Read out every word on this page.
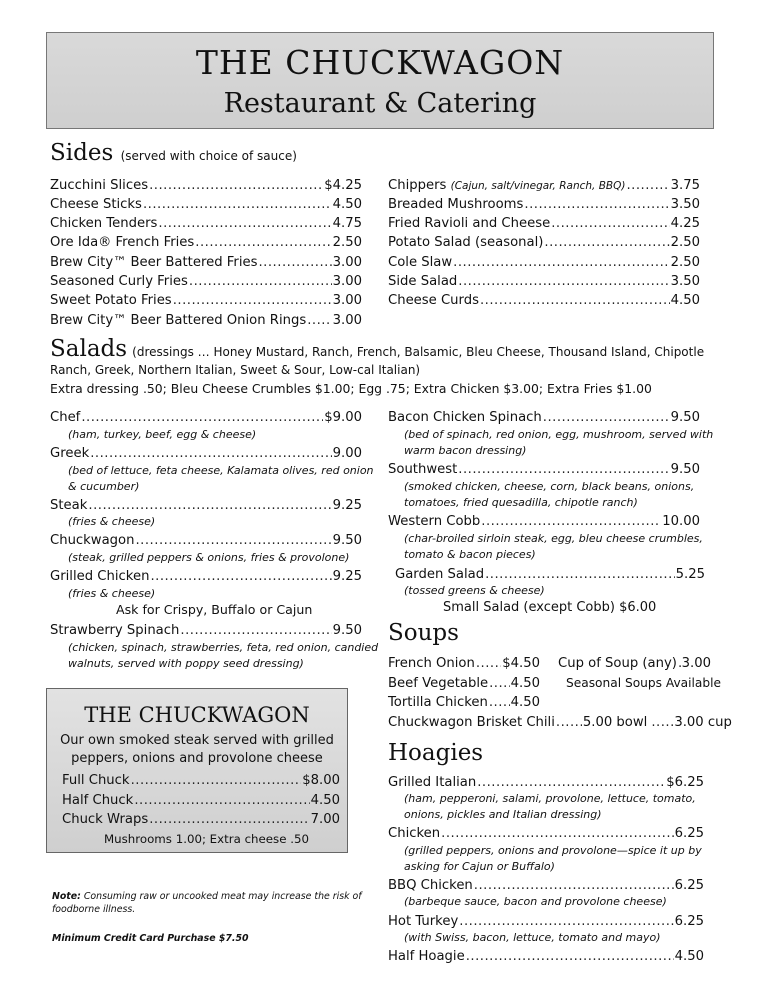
THE CHUCKWAGON
Restaurant & Catering
Sides (served with choice of sauce)
Zucchini Slices .....	$4.25
Cheese Sticks .....	4.50
Chicken Tenders .....	4.75
Ore Ida® French Fries .....	2.50
Brew City™ Beer Battered Fries .....	3.00
Seasoned Curly Fries .....	3.00
Sweet Potato Fries .....	3.00
Brew City™ Beer Battered Onion Rings ..... 3.00
Chippers
(Cajun, salt/vinegar, Ranch, BBQ) .....	3.75
Breaded Mushrooms .....	3.50
Fried Ravioli and Cheese .....	4.25
Potato Salad (seasonal) .....	2.50
Cole Slaw .....	2.50
Side Salad .....	3.50
Cheese Curds .....	4.50
Salads (dressings … Honey Mustard, Ranch, French, Balsamic, Bleu Cheese, Thousand Island, Chipotle
Ranch, Greek, Northern Italian, Sweet & Sour, Low-cal Italian)
Extra dressing .50; Bleu Cheese Crumbles $1.00; Egg .75; Extra Chicken $3.00; Extra Fries $1.00
Chef .....	$9.00
(ham, turkey, beef, egg & cheese)
Greek .....	9.00
(bed of lettuce, feta cheese, Kalamata olives, red onion
& cucumber)
Steak .....	9.25
(fries & cheese)
Chuckwagon .....	9.50
(steak, grilled peppers & onions, fries & provolone)
Grilled Chicken .....	9.25
(fries & cheese)
Ask for Crispy, Buffalo or Cajun
Strawberry Spinach .....	9.50
(chicken, spinach, strawberries, feta, red onion, candied
walnuts, served with poppy seed dressing)
Bacon Chicken Spinach .....	9.50
(bed of spinach, red onion, egg, mushroom, served with
warm bacon dressing)
Southwest .....	9.50
(smoked chicken, cheese, corn, black beans, onions,
tomatoes, fried quesadilla, chipotle ranch)
Western Cobb .....	10.00
(char-broiled sirloin steak, egg, bleu cheese crumbles,
tomato & bacon pieces)
Garden Salad .....	5.25
(tossed greens & cheese)
Small Salad (except Cobb) $6.00
Soups
French Onion ..... $4.50
Beef Vegetable ..... 4.50
Tortilla Chicken ..... 4.50
Cup of Soup (any) ..... 3.00
Seasonal Soups Available
Chuckwagon Brisket Chili ..... 5.00 bowl ..... 3.00 cup
Hoagies
Grilled Italian .....	$6.25
(ham, pepperoni, salami, provolone, lettuce, tomato,
onions, pickles and Italian dressing)
Chicken .....	6.25
(grilled peppers, onions and provolone—spice it up by
asking for Cajun or Buffalo)
BBQ Chicken .....	6.25
(barbeque sauce, bacon and provolone cheese)
Hot Turkey .....	6.25
(with Swiss, bacon, lettuce, tomato and mayo)
Half Hoagie .....	4.50
THE CHUCKWAGON
Our own smoked steak served with grilled
peppers, onions and provolone cheese
Full Chuck .....	$8.00
Half Chuck .....	4.50
Chuck Wraps .....	7.00
Mushrooms 1.00; Extra cheese .50
Note: Consuming raw or uncooked meat may increase the risk of
foodborne illness.
Minimum Credit Card Purchase $7.50
